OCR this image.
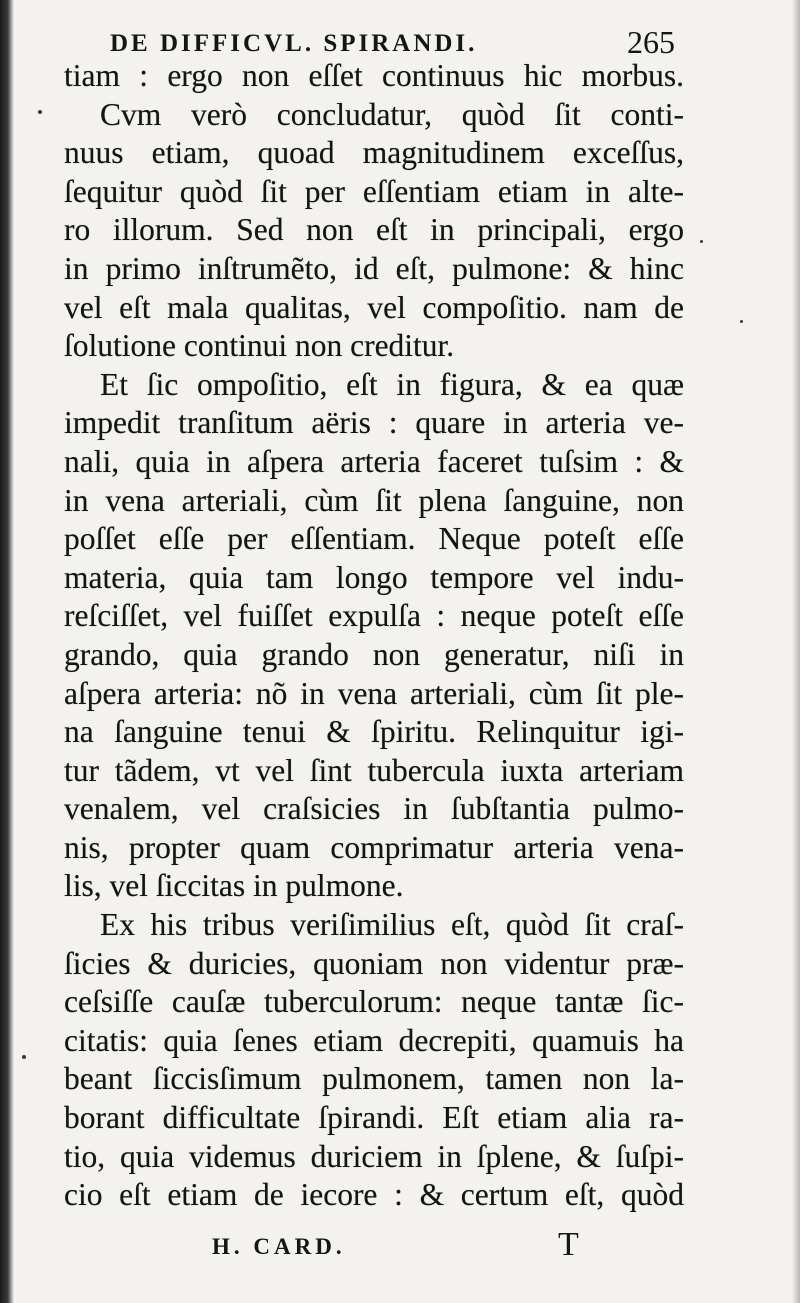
DE DIFFICVL. SPIRANDI.	265
tiam : ergo non eſſet continuus hic morbus.
Cvm verò concludatur, quòd ſit conti-
nuus etiam, quoad magnitudinem exceſſus,
ſequitur quòd ſit per eſſentiam etiam in alte-
ro illorum. Sed non eſt in principali, ergo
in primo inſtrumẽto, id eſt, pulmone: & hinc
vel eſt mala qualitas, vel compoſitio. nam de
ſolutione continui non creditur.
Et ſic ompoſitio, eſt in figura, & ea quæ
impedit tranſitum aëris : quare in arteria ve-
nali, quia in aſpera arteria faceret tuſsim : &
in vena arteriali, cùm ſit plena ſanguine, non
poſſet eſſe per eſſentiam. Neque poteſt eſſe
materia, quia tam longo tempore vel indu-
reſciſſet, vel fuiſſet expulſa : neque poteſt eſſe
grando, quia grando non generatur, niſi in
aſpera arteria: nõ in vena arteriali, cùm ſit ple-
na ſanguine tenui & ſpiritu. Relinquitur igi-
tur tãdem, vt vel ſint tubercula iuxta arteriam
venalem, vel craſsicies in ſubſtantia pulmo-
nis, propter quam comprimatur arteria vena-
lis, vel ſiccitas in pulmone.
Ex his tribus veriſimilius eſt, quòd ſit craſ-
ſicies & duricies, quoniam non videntur præ-
ceſsiſſe cauſæ tuberculorum: neque tantæ ſic-
citatis: quia ſenes etiam decrepiti, quamuis ha
beant ſiccisſimum pulmonem, tamen non la-
borant difficultate ſpirandi. Eſt etiam alia ra-
tio, quia videmus duriciem in ſplene, & ſuſpi-
cio eſt etiam de iecore : & certum eſt, quòd
H. CARD.	T
